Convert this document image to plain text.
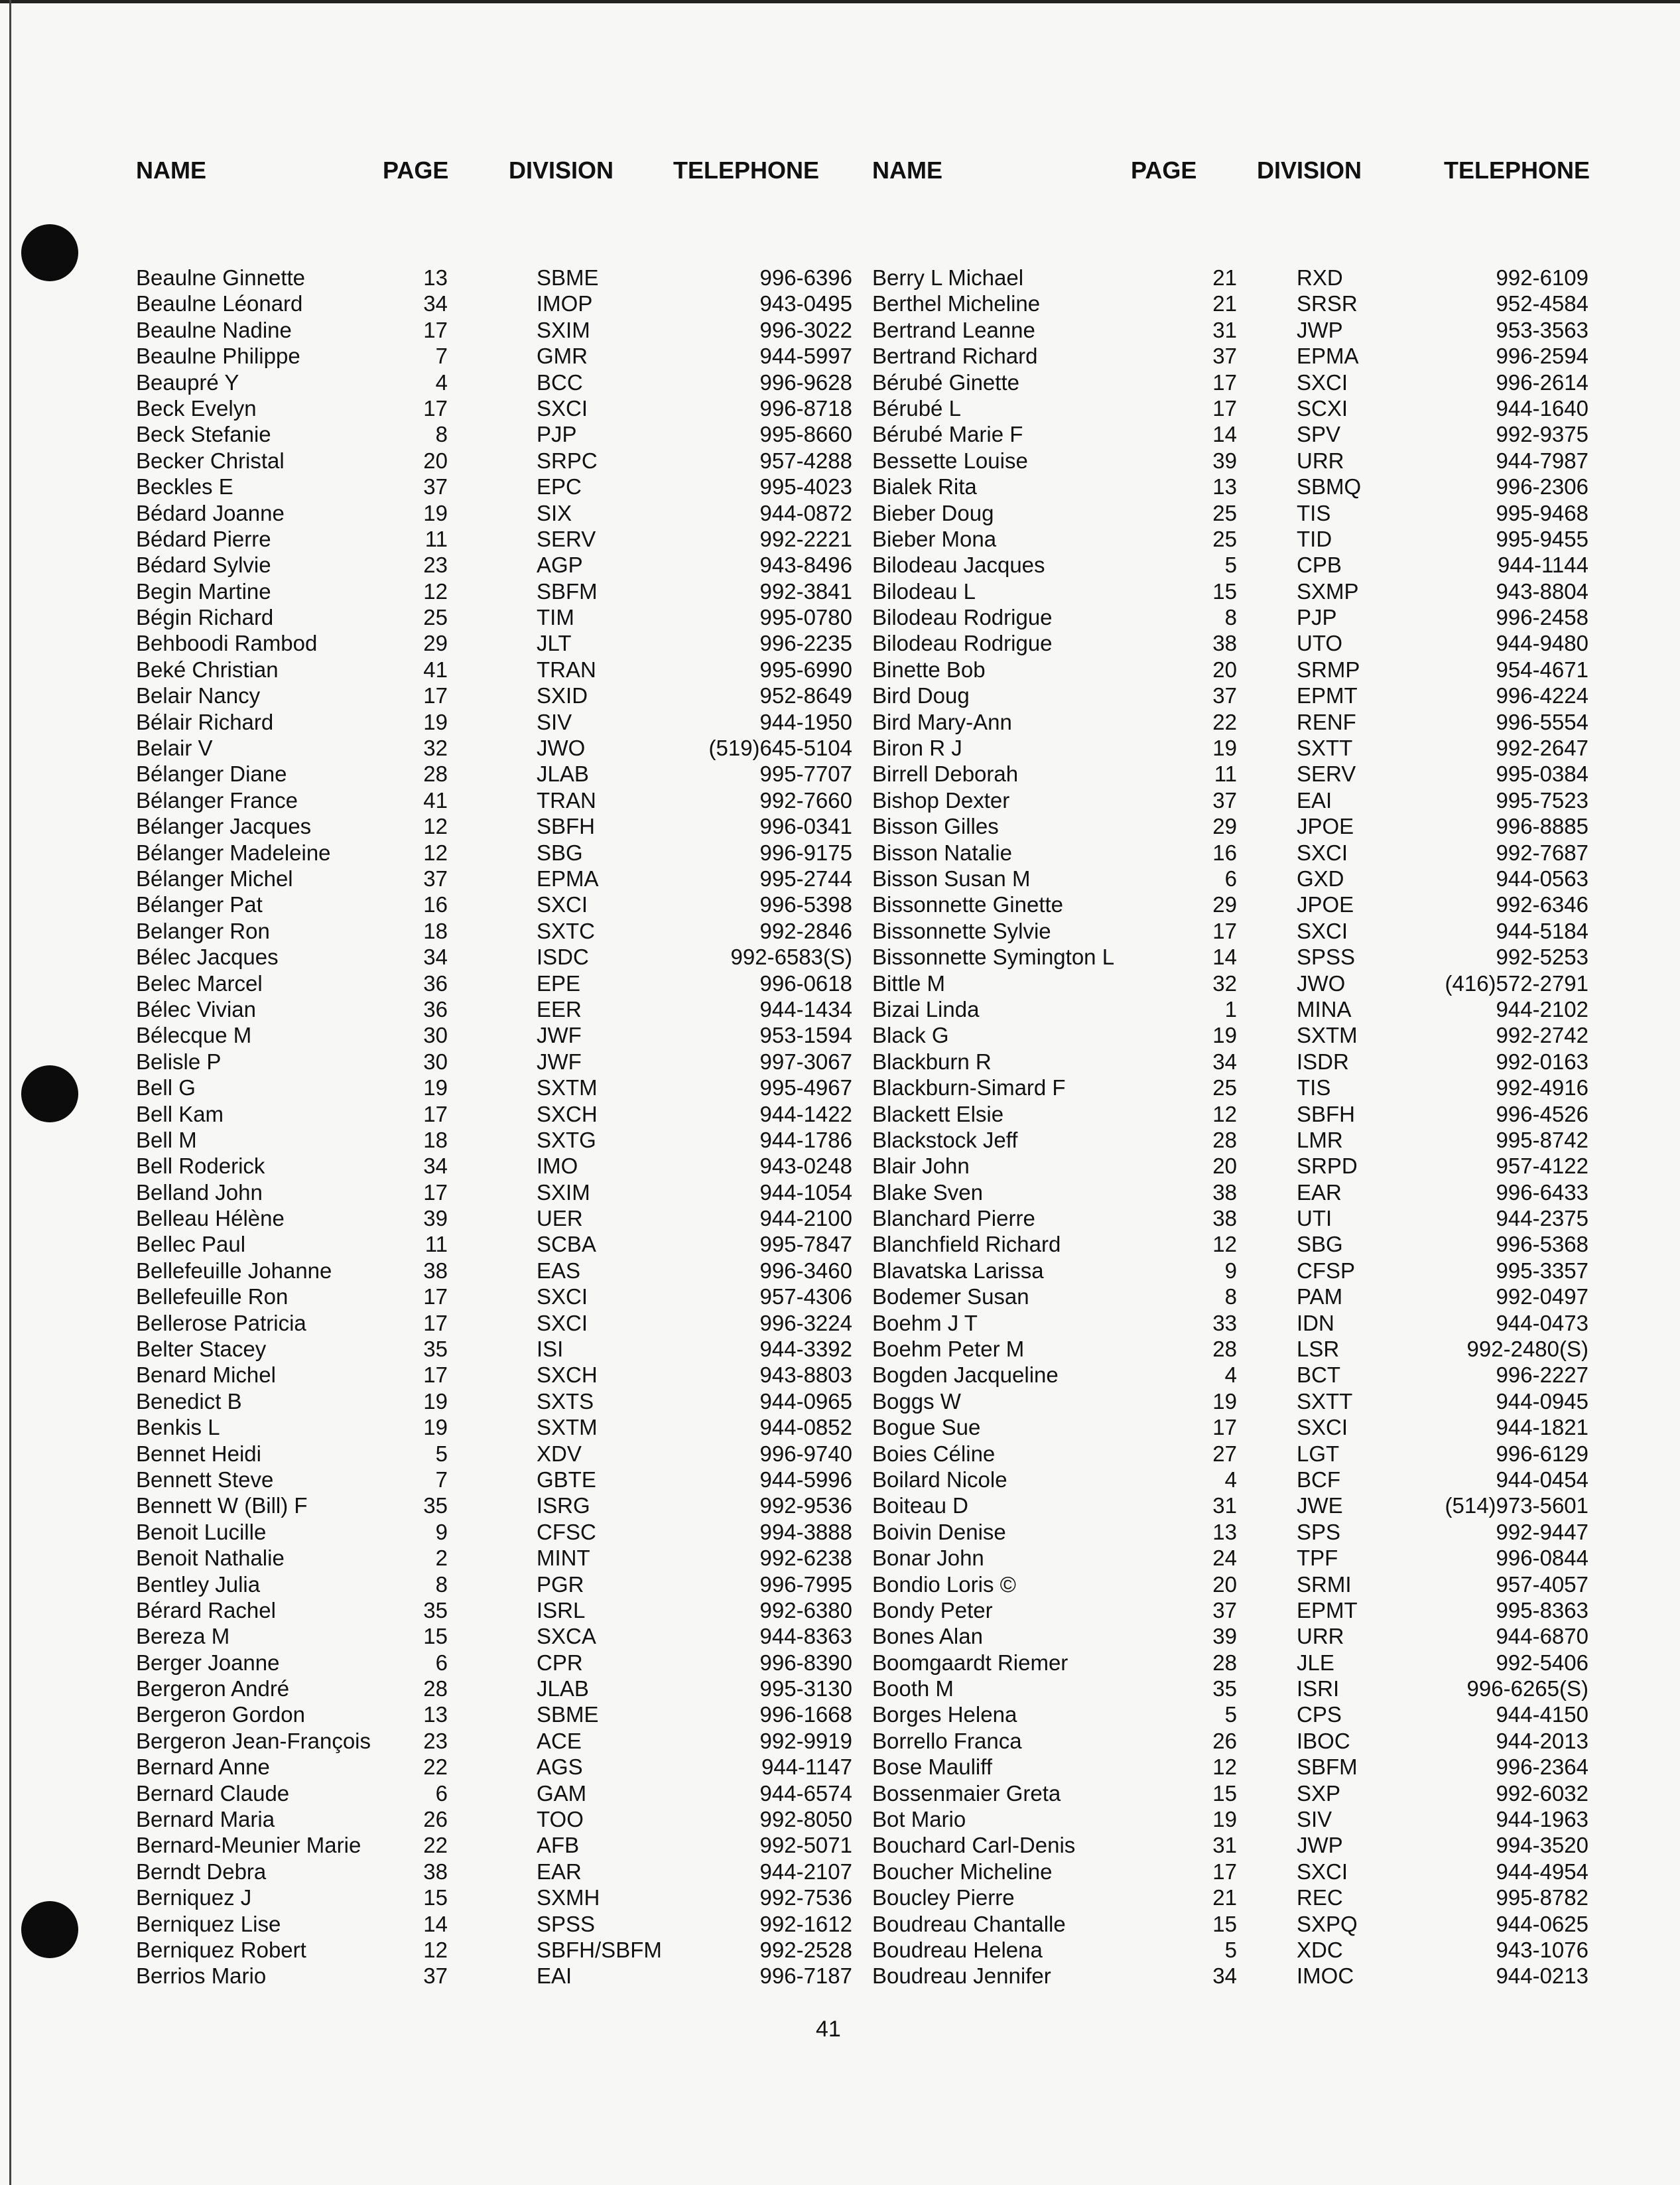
NAME	PAGE	DIVISION TELEPHONE
Beaulne Ginnette	13	SBME	996-6396
Beaulne Léonard	34	IMOP	943-0495
Beaulne Nadine	17	SXIM	996-3022
Beaulne Philippe	7	GMR	944-5997
Beaupré Y	4	BCC	996-9628
Beck Evelyn	17	SXCI	996-8718
Beck Stefanie	8	PJP	995-8660
Becker Christal	20	SRPC	957-4288
Beckles E	37	EPC	995-4023
Bédard Joanne	19	SIX	944-0872
Bédard Pierre	11	SERV	992-2221
Bédard Sylvie	23	AGP	943-8496
Begin Martine	12	SBFM	992-3841
Bégin Richard	25	TIM	995-0780
Behboodi Rambod	29	JLT	996-2235
Beké Christian	41	TRAN	995-6990
Belair Nancy	17	SXID	952-8649
Bélair Richard	19	SIV	944-1950
Belair V	32	JWO	(519)645-5104
Bélanger Diane	28	JLAB	995-7707
Bélanger France	41	TRAN	992-7660
Bélanger Jacques	12	SBFH	996-0341
Bélanger Madeleine	12	SBG	996-9175
Bélanger Michel	37	EPMA	995-2744
Bélanger Pat	16	SXCI	996-5398
Belanger Ron	18	SXTC	992-2846
Bélec Jacques	34	ISDC	992-6583(S)
Belec Marcel	36	EPE	996-0618
Bélec Vivian	36	EER	944-1434
Bélecque M	30	JWF	953-1594
Belisle P	30	JWF	997-3067
Bell G	19	SXTM	995-4967
Bell Kam	17	SXCH	944-1422
Bell M	18	SXTG	944-1786
Bell Roderick	34	IMO	943-0248
Belland John	17	SXIM	944-1054
Belleau Hélène	39	UER	944-2100
Bellec Paul	11	SCBA	995-7847
Bellefeuille Johanne	38	EAS	996-3460
Bellefeuille Ron	17	SXCI	957-4306
Bellerose Patricia	17	SXCI	996-3224
Belter Stacey	35	ISI	944-3392
Benard Michel	17	SXCH	943-8803
Benedict B	19	SXTS	944-0965
Benkis L	19	SXTM	944-0852
Bennet Heidi	5	XDV	996-9740
Bennett Steve	7	GBTE	944-5996
Bennett W (Bill) F	35	ISRG	992-9536
Benoit Lucille	9	CFSC	994-3888
Benoit Nathalie	2	MINT	992-6238
Bentley Julia	8	PGR	996-7995
Bérard Rachel	35	ISRL	992-6380
Bereza M	15	SXCA	944-8363
Berger Joanne	6	CPR	996-8390
Bergeron André	28	JLAB	995-3130
Bergeron Gordon	13	SBME	996-1668
Bergeron Jean-François	23	ACE	992-9919
Bernard Anne	22	AGS	944-1147
Bernard Claude	6	GAM	944-6574
Bernard Maria	26	TOO	992-8050
Bernard-Meunier Marie	22	AFB	992-5071
Berndt Debra	38	EAR	944-2107
Berniquez J	15	SXMH	992-7536
Berniquez Lise	14	SPSS	992-1612
Berniquez Robert	12	SBFH/SBFM	992-2528
Berrios Mario	37	EAI	996-7187
NAME	PAGE	DIVISION	TELEPHONE
Berry L Michael	21	RXD	992-6109
Berthel Micheline	21	SRSR	952-4584
Bertrand Leanne	31	JWP	953-3563
Bertrand Richard	37	EPMA	996-2594
Bérubé Ginette	17	SXCI	996-2614
Bérubé L	17	SCXI	944-1640
Bérubé Marie F	14	SPV	992-9375
Bessette Louise	39	URR	944-7987
Bialek Rita	13	SBMQ	996-2306
Bieber Doug	25	TIS	995-9468
Bieber Mona	25	TID	995-9455
Bilodeau Jacques	5	CPB	944-1144
Bilodeau L	15	SXMP	943-8804
Bilodeau Rodrigue	8	PJP	996-2458
Bilodeau Rodrigue	38	UTO	944-9480
Binette Bob	20	SRMP	954-4671
Bird Doug	37	EPMT	996-4224
Bird Mary-Ann	22	RENF	996-5554
Biron R J	19	SXTT	992-2647
Birrell Deborah	11	SERV	995-0384
Bishop Dexter	37	EAI	995-7523
Bisson Gilles	29	JPOE	996-8885
Bisson Natalie	16	SXCI	992-7687
Bisson Susan M	6	GXD	944-0563
Bissonnette Ginette	29	JPOE	992-6346
Bissonnette Sylvie	17	SXCI	944-5184
Bissonnette Symington L	14	SPSS	992-5253
Bittle M	32	JWO	(416)572-2791
Bizai Linda	1	MINA	944-2102
Black G	19	SXTM	992-2742
Blackburn R	34	ISDR	992-0163
Blackburn-Simard F	25	TIS	992-4916
Blackett Elsie	12	SBFH	996-4526
Blackstock Jeff	28	LMR	995-8742
Blair John	20	SRPD	957-4122
Blake Sven	38	EAR	996-6433
Blanchard Pierre	38	UTI	944-2375
Blanchfield Richard	12	SBG	996-5368
Blavatska Larissa	9	CFSP	995-3357
Bodemer Susan	8	PAM	992-0497
Boehm J T	33	IDN	944-0473
Boehm Peter M	28	LSR	992-2480(S)
Bogden Jacqueline	4	BCT	996-2227
Boggs W	19	SXTT	944-0945
Bogue Sue	17	SXCI	944-1821
Boies Céline	27	LGT	996-6129
Boilard Nicole	4	BCF	944-0454
Boiteau D	31	JWE	(514)973-5601
Boivin Denise	13	SPS	992-9447
Bonar John	24	TPF	996-0844
Bondio Loris ©	20	SRMI	957-4057
Bondy Peter	37	EPMT	995-8363
Bones Alan	39	URR	944-6870
Boomgaardt Riemer	28	JLE	992-5406
Booth M	35	ISRI	996-6265(S)
Borges Helena	5	CPS	944-4150
Borrello Franca	26	IBOC	944-2013
Bose Mauliff	12	SBFM	996-2364
Bossenmaier Greta	15	SXP	992-6032
Bot Mario	19	SIV	944-1963
Bouchard Carl-Denis	31	JWP	994-3520
Boucher Micheline	17	SXCI	944-4954
Boucley Pierre	21	REC	995-8782
Boudreau Chantalle	15	SXPQ	944-0625
Boudreau Helena	5	XDC	943-1076
Boudreau Jennifer	34	IMOC	944-0213
41
